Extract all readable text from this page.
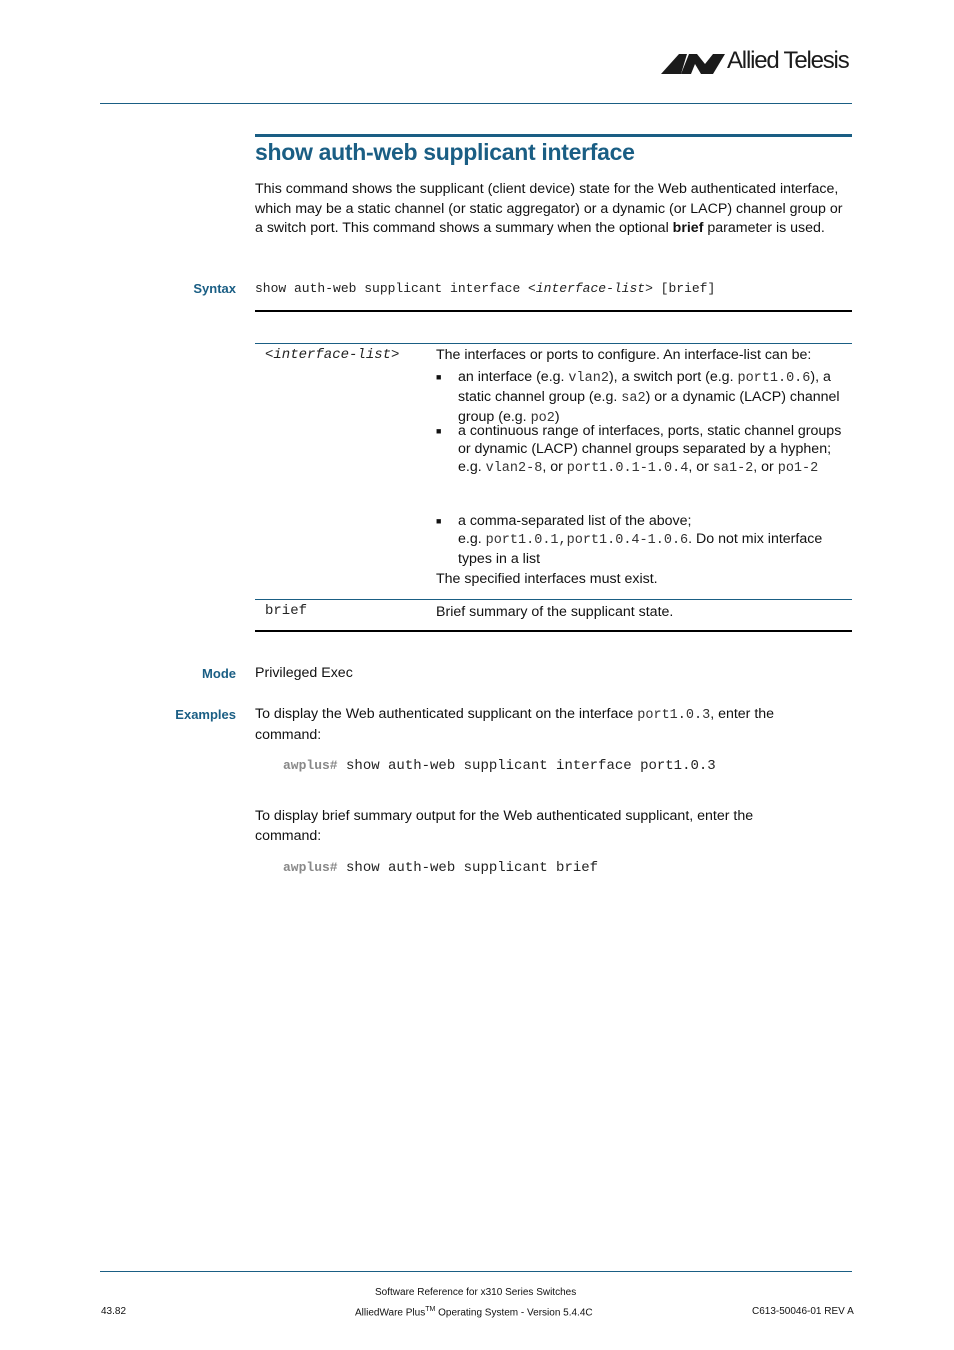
Allied Telesis
show auth-web supplicant interface
This command shows the supplicant (client device) state for the Web authenticated interface, which may be a static channel (or static aggregator) or a dynamic (or LACP) channel group or a switch port. This command shows a summary when the optional brief parameter is used.
Syntax show auth-web supplicant interface <interface-list> [brief]
<interface-list>	The interfaces or ports to configure. An interface-list can be:
■ an interface (e.g. vlan2), a switch port (e.g. port1.0.6), a static channel group (e.g. sa2) or a dynamic (LACP) channel group (e.g. po2)
■ a continuous range of interfaces, ports, static channel groups or dynamic (LACP) channel groups separated by a hyphen;
e.g. vlan2-8, or port1.0.1-1.0.4, or sa1-2, or po1-2
■ a comma-separated list of the above;
e.g. port1.0.1,port1.0.4-1.0.6. Do not mix interface types in a list
The specified interfaces must exist.
brief	Brief summary of the supplicant state.
Mode Privileged Exec
Examples To display the Web authenticated supplicant on the interface port1.0.3, enter the command:
awplus# show auth-web supplicant interface port1.0.3
To display brief summary output for the Web authenticated supplicant, enter the command:
awplus# show auth-web supplicant brief
Software Reference for x310 Series Switches
43.82	AlliedWare Plus™ Operating System - Version 5.4.4C	C613-50046-01 REV A
